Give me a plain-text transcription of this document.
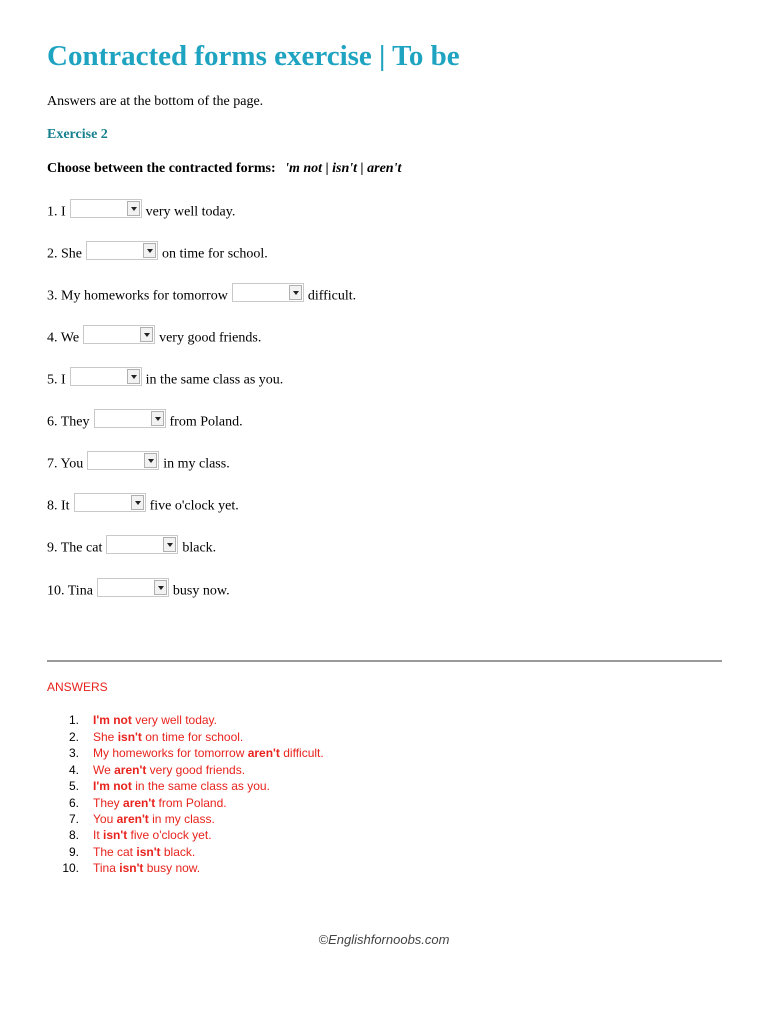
Contracted forms exercise | To be
Answers are at the bottom of the page.
Exercise 2
Choose between the contracted forms: 'm not | isn't | aren't
1. I	very well today.
2. She	on time for school.
3. My homeworks for tomorrow	difficult.
4. We	very good friends.
5. I	in the same class as you.
6. They	from Poland.
7. You	in my class.
8. It	five o'clock yet.
9. The cat	black.
10. Tina	busy now.
ANSWERS
1. I'm not very well today.
2. She isn't on time for school.
3. My homeworks for tomorrow aren't difficult.
4. We aren't very good friends.
5. I'm not in the same class as you.
6. They aren't from Poland.
7. You aren't in my class.
8. It isn't five o'clock yet.
9. The cat isn't black.
10. Tina isn't busy now.
©Englishfornoobs.com
